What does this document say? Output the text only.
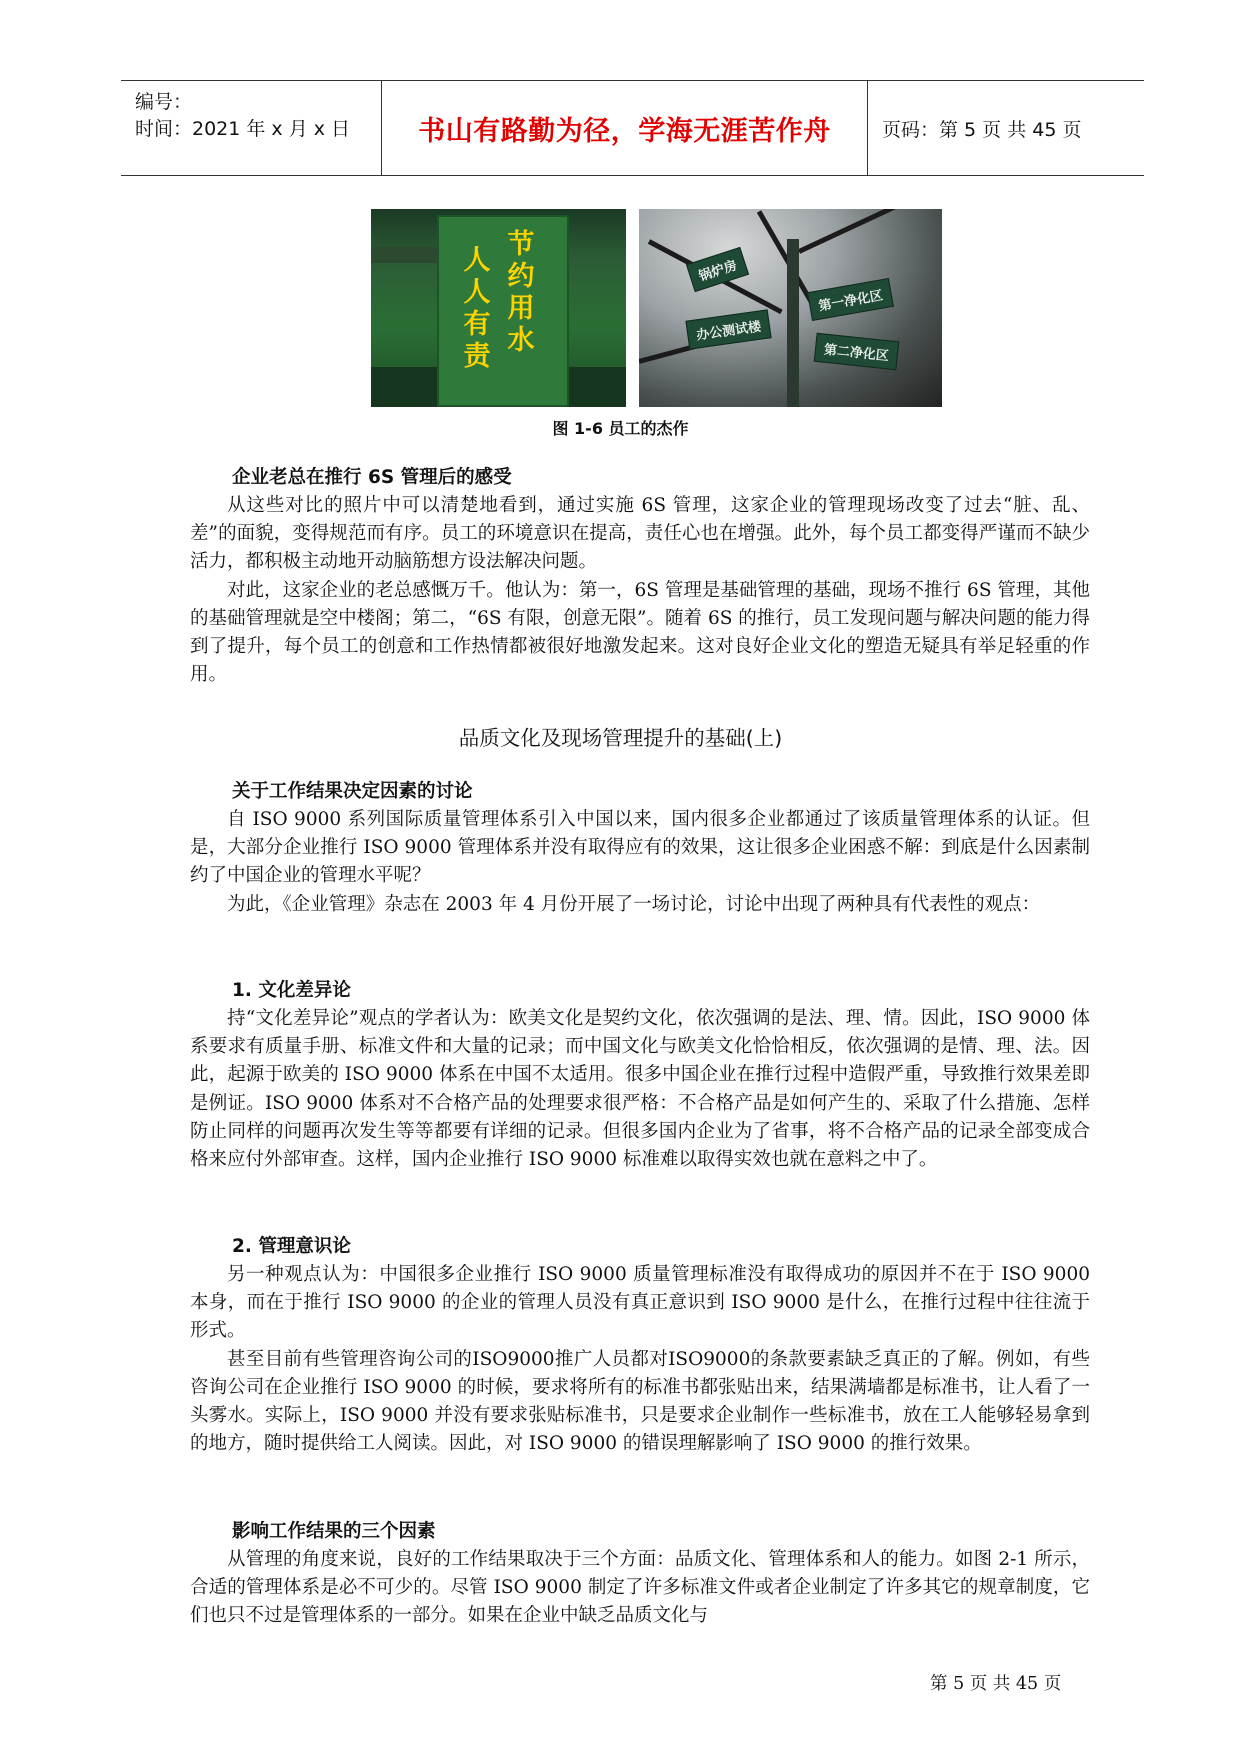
编号：
时间：2021 年 x 月 x 日	书山有路勤为径，学海无涯苦作舟	页码：第 5 页 共 45 页
节约用水
人人有责
锅炉房
第一净化区
办公测试楼
第二净化区
图 1-6 员工的杰作
企业老总在推行 6S 管理后的感受

从这些对比的照片中可以清楚地看到，通过实施 6S 管理，这家企业的管理现场改变了过去“脏、乱、差”的面貌，变得规范而有序。员工的环境意识在提高，责任心也在增强。此外，每个员工都变得严谨而不缺少活力，都积极主动地开动脑筋想方设法解决问题。

对此，这家企业的老总感慨万千。他认为：第一，6S 管理是基础管理的基础，现场不推行 6S 管理，其他的基础管理就是空中楼阁；第二，“6S 有限，创意无限”。随着 6S 的推行，员工发现问题与解决问题的能力得到了提升，每个员工的创意和工作热情都被很好地激发起来。这对良好企业文化的塑造无疑具有举足轻重的作用。

品质文化及现场管理提升的基础(上)
关于工作结果决定因素的讨论

自 ISO 9000 系列国际质量管理体系引入中国以来，国内很多企业都通过了该质量管理体系的认证。但是，大部分企业推行 ISO 9000 管理体系并没有取得应有的效果，这让很多企业困惑不解：到底是什么因素制约了中国企业的管理水平呢？

为此，《企业管理》杂志在 2003 年 4 月份开展了一场讨论，讨论中出现了两种具有代表性的观点：

1. 文化差异论

持“文化差异论”观点的学者认为：欧美文化是契约文化，依次强调的是法、理、情。因此，ISO 9000 体系要求有质量手册、标准文件和大量的记录；而中国文化与欧美文化恰恰相反，依次强调的是情、理、法。因此，起源于欧美的 ISO 9000 体系在中国不太适用。很多中国企业在推行过程中造假严重，导致推行效果差即是例证。ISO 9000 体系对不合格产品的处理要求很严格：不合格产品是如何产生的、采取了什么措施、怎样防止同样的问题再次发生等等都要有详细的记录。但很多国内企业为了省事，将不合格产品的记录全部变成合格来应付外部审查。这样，国内企业推行 ISO 9000 标准难以取得实效也就在意料之中了。

2. 管理意识论

另一种观点认为：中国很多企业推行 ISO 9000 质量管理标准没有取得成功的原因并不在于 ISO 9000 本身，而在于推行 ISO 9000 的企业的管理人员没有真正意识到 ISO 9000 是什么，在推行过程中往往流于形式。

甚至目前有些管理咨询公司的ISO9000推广人员都对ISO9000的条款要素缺乏真正的了解。例如，有些咨询公司在企业推行 ISO 9000 的时候，要求将所有的标准书都张贴出来，结果满墙都是标准书，让人看了一头雾水。实际上，ISO 9000 并没有要求张贴标准书，只是要求企业制作一些标准书，放在工人能够轻易拿到的地方，随时提供给工人阅读。因此，对 ISO 9000 的错误理解影响了 ISO 9000 的推行效果。

影响工作结果的三个因素

从管理的角度来说，良好的工作结果取决于三个方面：品质文化、管理体系和人的能力。如图 2-1 所示，合适的管理体系是必不可少的。尽管 ISO 9000 制定了许多标准文件或者企业制定了许多其它的规章制度，它们也只不过是管理体系的一部分。如果在企业中缺乏品质文化与

第 5 页 共 45 页
